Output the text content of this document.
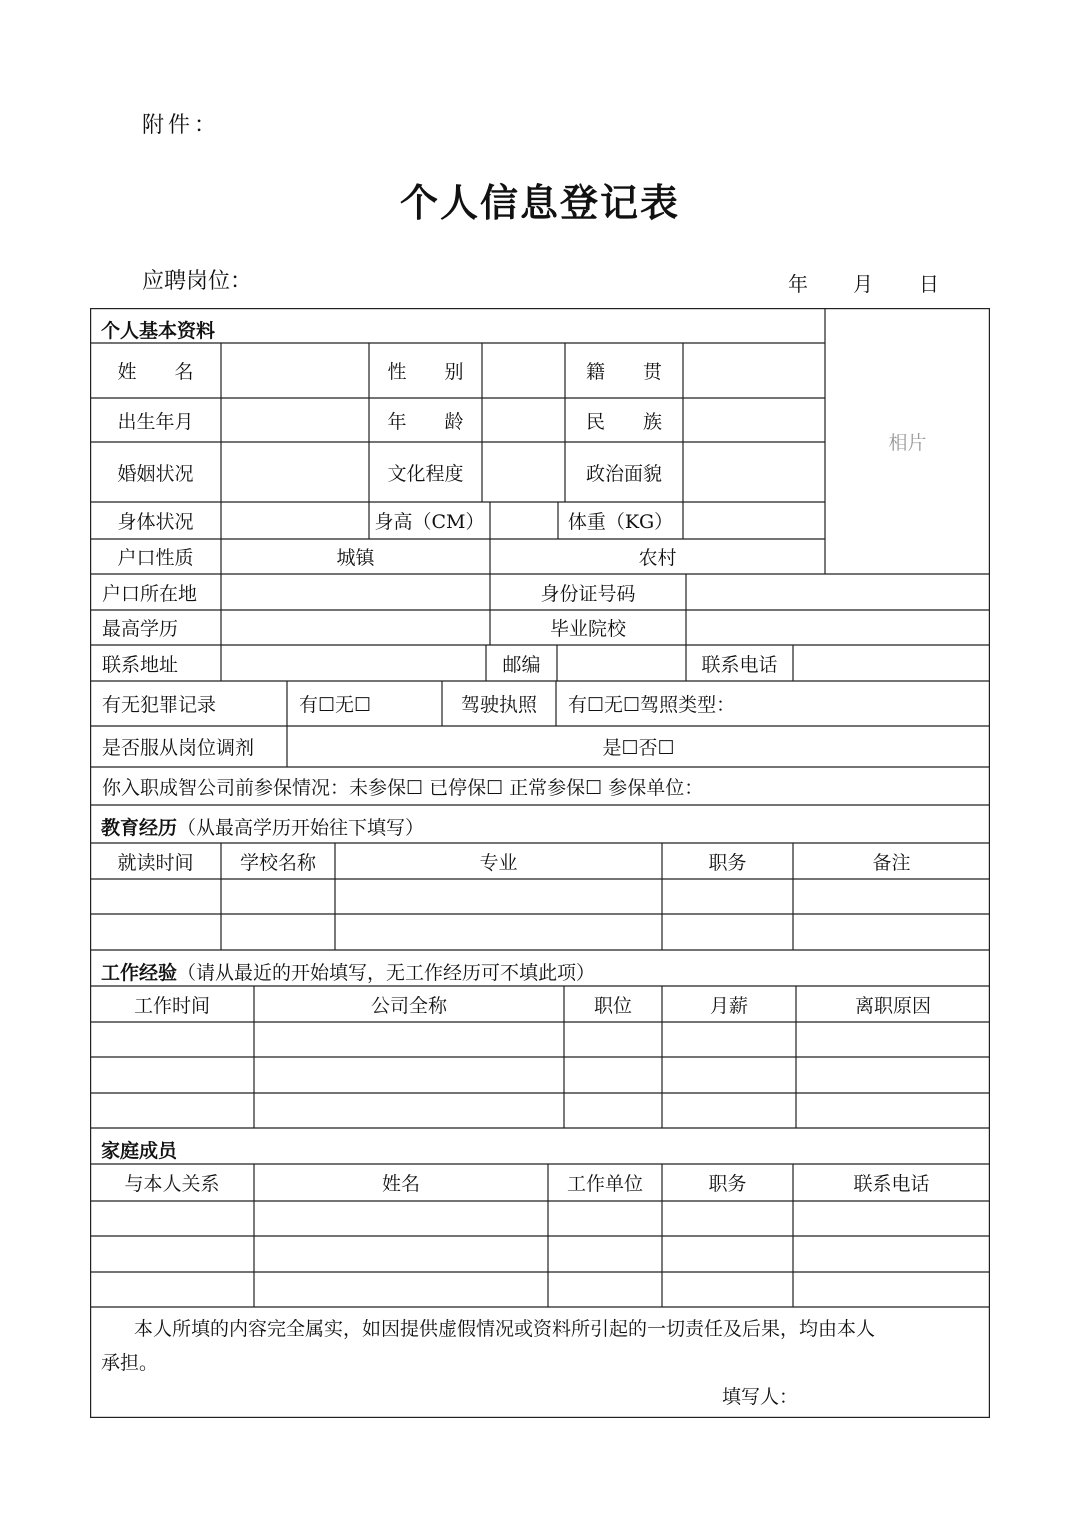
附件：
个人信息登记表
应聘岗位：	年 月 日
个人基本资料
相片
姓　　名	性　　别	籍　　贯
出生年月	年　　龄	民　　族
婚姻状况	文化程度	政治面貌
身体状况	身高（CM）	体重（KG）
户口性质	城镇	农村
户口所在地	身份证号码
最高学历	毕业院校
联系地址	邮编	联系电话
有无犯罪记录	有☐无☐	驾驶执照	有☐无☐驾照类型：
是否服从岗位调剂	是☐否☐
你入职成智公司前参保情况：未参保☐ 已停保☐ 正常参保☐ 参保单位：
教育经历（从最高学历开始往下填写）
就读时间	学校名称	专业	职务	备注
工作经验（请从最近的开始填写，无工作经历可不填此项）
工作时间	公司全称	职位	月薪	离职原因
家庭成员
与本人关系	姓名	工作单位	职务	联系电话
本人所填的内容完全属实，如因提供虚假情况或资料所引起的一切责任及后果，均由本人
承担。
填写人：
